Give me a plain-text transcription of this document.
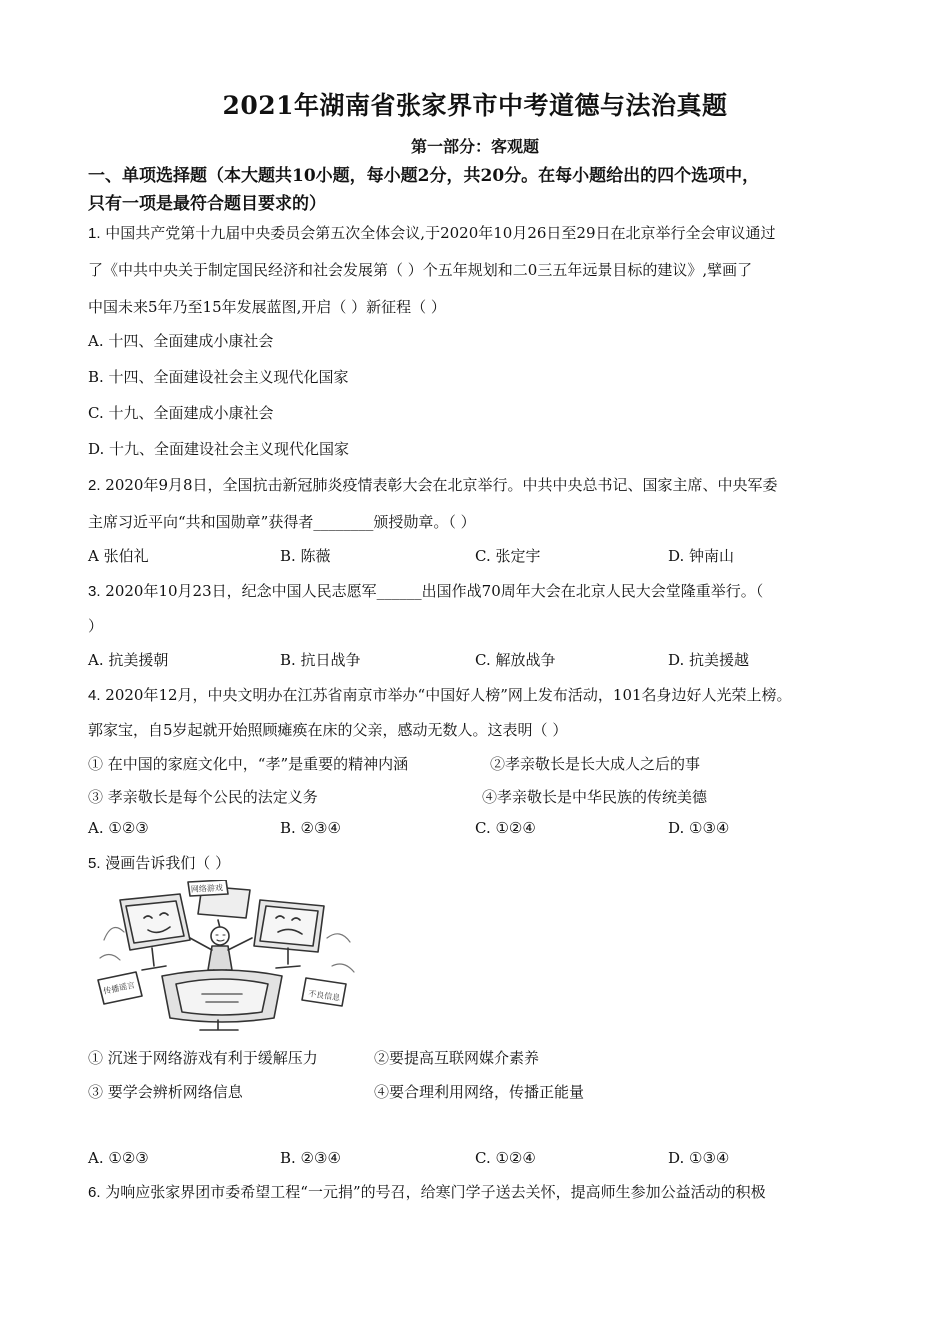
2021年湖南省张家界市中考道德与法治真题
第一部分：客观题
一、单项选择题（本大题共10小题，每小题2分，共20分。在每小题给出的四个选项中，
只有一项是最符合题目要求的）
1. 中国共产党第十九届中央委员会第五次全体会议,于2020年10月26日至29日在北京举行全会审议通过
了《中共中央关于制定国民经济和社会发展第（ ）个五年规划和二0三五年远景目标的建议》,擘画了
中国未来5年乃至15年发展蓝图,开启（ ）新征程（ ）
A. 十四、全面建成小康社会
B. 十四、全面建设社会主义现代化国家
C. 十九、全面建成小康社会
D. 十九、全面建设社会主义现代化国家
2. 2020年9月8日，全国抗击新冠肺炎疫情表彰大会在北京举行。中共中央总书记、国家主席、中央军委
主席习近平向“共和国勋章”获得者________颁授勋章。（ ）
A 张伯礼	B. 陈薇	C. 张定宇	D. 钟南山
3. 2020年10月23日，纪念中国人民志愿军______出国作战70周年大会在北京人民大会堂隆重举行。（
）
A. 抗美援朝	B. 抗日战争	C. 解放战争	D. 抗美援越
4. 2020年12月，中央文明办在江苏省南京市举办“中国好人榜”网上发布活动，101名身边好人光荣上榜。
郭家宝，自5岁起就开始照顾瘫痪在床的父亲，感动无数人。这表明（ ）
① 在中国的家庭文化中，“孝”是重要的精神内涵	②孝亲敬长是长大成人之后的事
③ 孝亲敬长是每个公民的法定义务	④孝亲敬长是中华民族的传统美德
A. ①②③	B. ②③④	C. ①②④	D. ①③④
5. 漫画告诉我们（ ）
网络游戏
传播谣言	不良信息
① 沉迷于网络游戏有利于缓解压力	②要提高互联网媒介素养
③ 要学会辨析网络信息	④要合理利用网络，传播正能量
A. ①②③	B. ②③④	C. ①②④	D. ①③④
6. 为响应张家界团市委希望工程“一元捐”的号召，给寒门学子送去关怀，提高师生参加公益活动的积极
